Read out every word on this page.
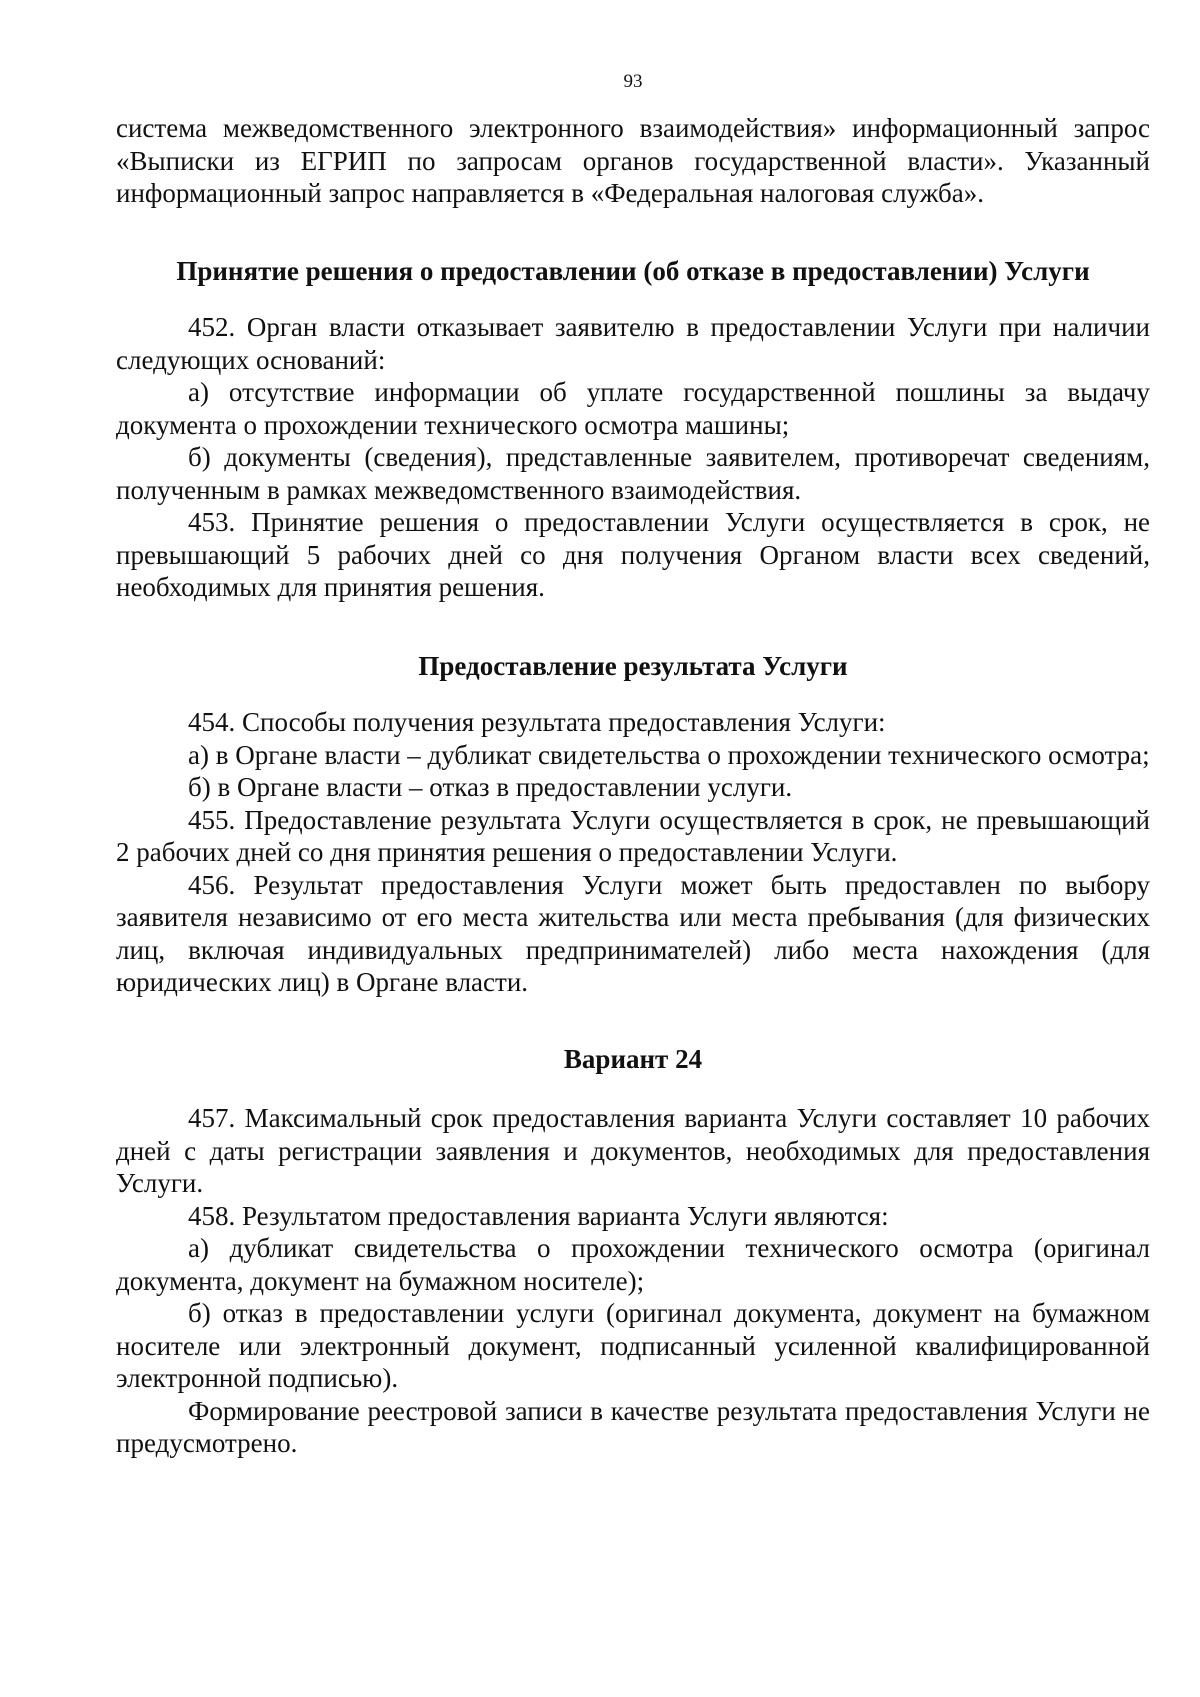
93

система межведомственного электронного взаимодействия» информационный запрос «Выписки из ЕГРИП по запросам органов государственной власти». Указанный информационный запрос направляется в «Федеральная налоговая служба».

Принятие решения о предоставлении (об отказе в предоставлении) Услуги

452. Орган власти отказывает заявителю в предоставлении Услуги при наличии следующих оснований:

а) отсутствие информации об уплате государственной пошлины за выдачу документа о прохождении технического осмотра машины;

б) документы (сведения), представленные заявителем, противоречат сведениям, полученным в рамках межведомственного взаимодействия.

453. Принятие решения о предоставлении Услуги осуществляется в срок, не превышающий 5 рабочих дней со дня получения Органом власти всех сведений, необходимых для принятия решения.

Предоставление результата Услуги

454. Способы получения результата предоставления Услуги:

а) в Органе власти – дубликат свидетельства о прохождении технического осмотра;

б) в Органе власти – отказ в предоставлении услуги.

455. Предоставление результата Услуги осуществляется в срок, не превышающий 2 рабочих дней со дня принятия решения о предоставлении Услуги.

456. Результат предоставления Услуги может быть предоставлен по выбору заявителя независимо от его места жительства или места пребывания (для физических лиц, включая индивидуальных предпринимателей) либо места нахождения (для юридических лиц) в Органе власти.

Вариант 24

457. Максимальный срок предоставления варианта Услуги составляет 10 рабочих дней с даты регистрации заявления и документов, необходимых для предоставления Услуги.

458. Результатом предоставления варианта Услуги являются:

а) дубликат свидетельства о прохождении технического осмотра (оригинал документа, документ на бумажном носителе);

б) отказ в предоставлении услуги (оригинал документа, документ на бумажном носителе или электронный документ, подписанный усиленной квалифицированной электронной подписью).

Формирование реестровой записи в качестве результата предоставления Услуги не предусмотрено.
